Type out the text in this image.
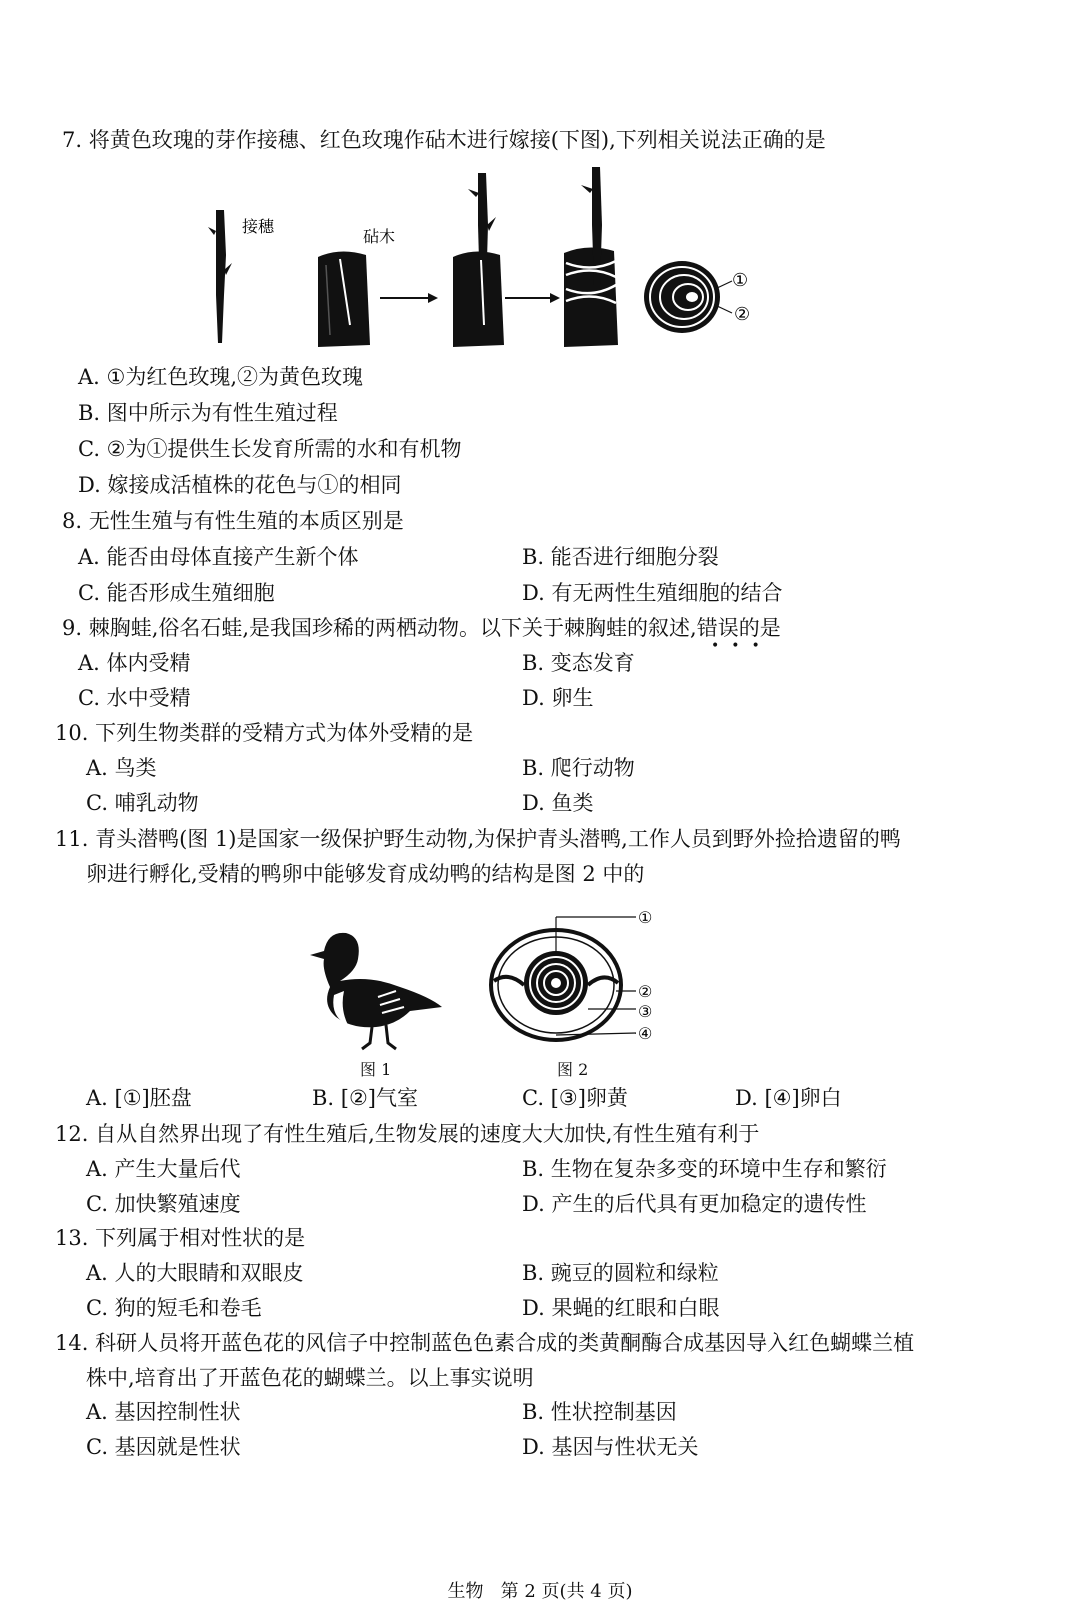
7. 将黄色玫瑰的芽作接穗、红色玫瑰作砧木进行嫁接(下图),下列相关说法正确的是
接穗
砧木
①
②
A. ①为红色玫瑰,②为黄色玫瑰
B. 图中所示为有性生殖过程
C. ②为①提供生长发育所需的水和有机物
D. 嫁接成活植株的花色与①的相同
8. 无性生殖与有性生殖的本质区别是
A. 能否由母体直接产生新个体	B. 能否进行细胞分裂
C. 能否形成生殖细胞	D. 有无两性生殖细胞的结合
9. 棘胸蛙,俗名石蛙,是我国珍稀的两栖动物。以下关于棘胸蛙的叙述,错误的是
•••
A. 体内受精	B. 变态发育
C. 水中受精	D. 卵生
10. 下列生物类群的受精方式为体外受精的是
A. 鸟类	B. 爬行动物
C. 哺乳动物	D. 鱼类
11. 青头潜鸭(图 1)是国家一级保护野生动物,为保护青头潜鸭,工作人员到野外捡拾遗留的鸭
卵进行孵化,受精的鸭卵中能够发育成幼鸭的结构是图 2 中的
图 1
①
②
③
④
图 2
A. [①]胚盘	B. [②]气室	C. [③]卵黄	D. [④]卵白
12. 自从自然界出现了有性生殖后,生物发展的速度大大加快,有性生殖有利于
A. 产生大量后代	B. 生物在复杂多变的环境中生存和繁衍
C. 加快繁殖速度	D. 产生的后代具有更加稳定的遗传性
13. 下列属于相对性状的是
A. 人的大眼睛和双眼皮	B. 豌豆的圆粒和绿粒
C. 狗的短毛和卷毛	D. 果蝇的红眼和白眼
14. 科研人员将开蓝色花的风信子中控制蓝色色素合成的类黄酮酶合成基因导入红色蝴蝶兰植
株中,培育出了开蓝色花的蝴蝶兰。以上事实说明
A. 基因控制性状	B. 性状控制基因
C. 基因就是性状	D. 基因与性状无关
生物   第 2 页(共 4 页)
